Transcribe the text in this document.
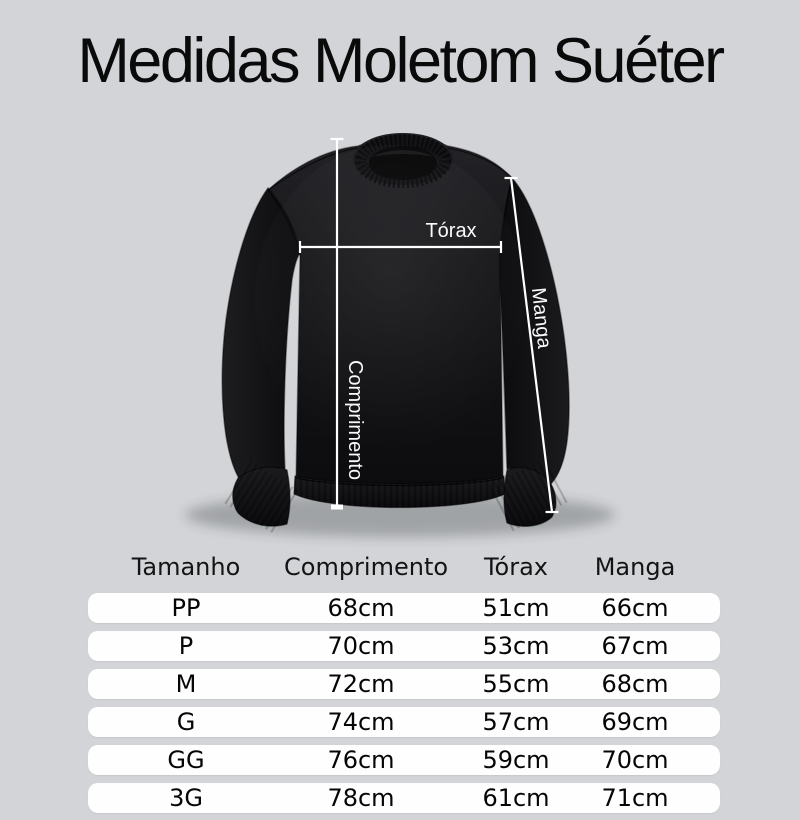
Medidas Moletom Suéter
Tórax
Comprimento
Manga
Tamanho	Comprimento	Tórax	Manga
PP	68cm	51cm	66cm
P	70cm	53cm	67cm
M	72cm	55cm	68cm
G	74cm	57cm	69cm
GG	76cm	59cm	70cm
3G	78cm	61cm	71cm
